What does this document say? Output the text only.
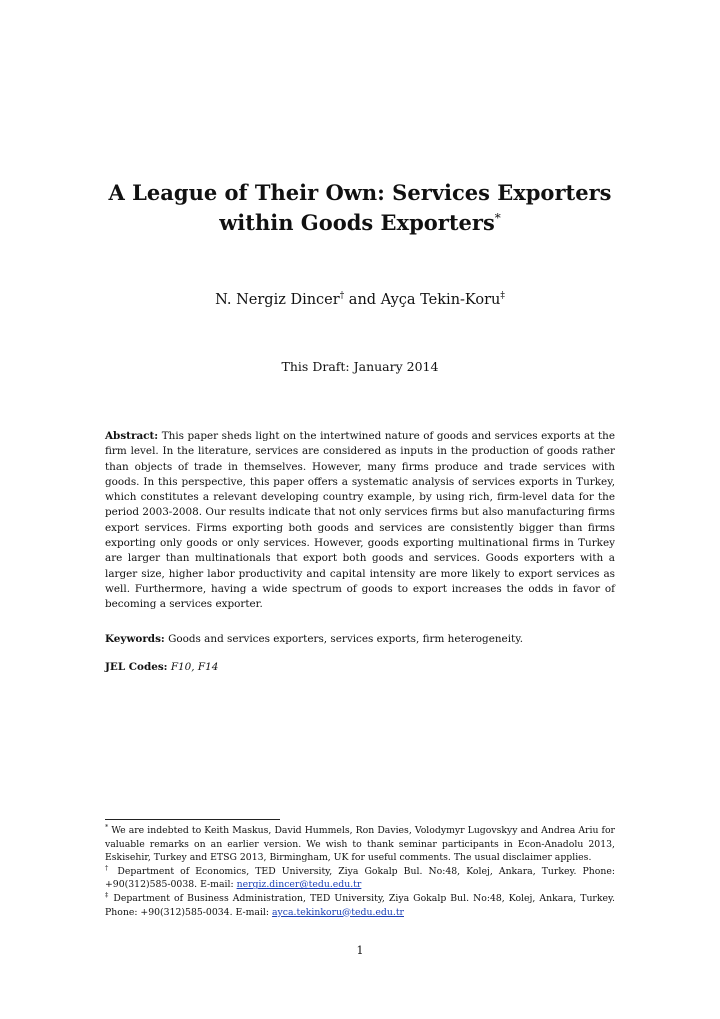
A League of Their Own: Services Exporters
within Goods Exporters*
N. Nergiz Dincer† and Ayça Tekin-Koru‡
This Draft: January 2014
Abstract: This paper sheds light on the intertwined nature of goods and services exports at the firm level. In the literature, services are considered as inputs in the production of goods rather than objects of trade in themselves. However, many firms produce and trade services with goods. In this perspective, this paper offers a systematic analysis of services exports in Turkey, which constitutes a relevant developing country example, by using rich, firm-level data for the period 2003-2008. Our results indicate that not only services firms but also manufacturing firms export services. Firms exporting both goods and services are consistently bigger than firms exporting only goods or only services. However, goods exporting multinational firms in Turkey are larger than multinationals that export both goods and services. Goods exporters with a larger size, higher labor productivity and capital intensity are more likely to export services as well. Furthermore, having a wide spectrum of goods to export increases the odds in favor of becoming a services exporter.
Keywords: Goods and services exporters, services exports, firm heterogeneity.
JEL Codes: F10, F14

* We are indebted to Keith Maskus, David Hummels, Ron Davies, Volodymyr Lugovskyy and Andrea Ariu for valuable remarks on an earlier version. We wish to thank seminar participants in Econ-Anadolu 2013, Eskisehir, Turkey and ETSG 2013, Birmingham, UK for useful comments. The usual disclaimer applies.

† Department of Economics, TED University, Ziya Gokalp Bul. No:48, Kolej, Ankara, Turkey. Phone: +90(312)585-0038. E-mail: nergiz.dincer@tedu.edu.tr

‡ Department of Business Administration, TED University, Ziya Gokalp Bul. No:48, Kolej, Ankara, Turkey. Phone: +90(312)585-0034. E-mail: ayca.tekinkoru@tedu.edu.tr

1
